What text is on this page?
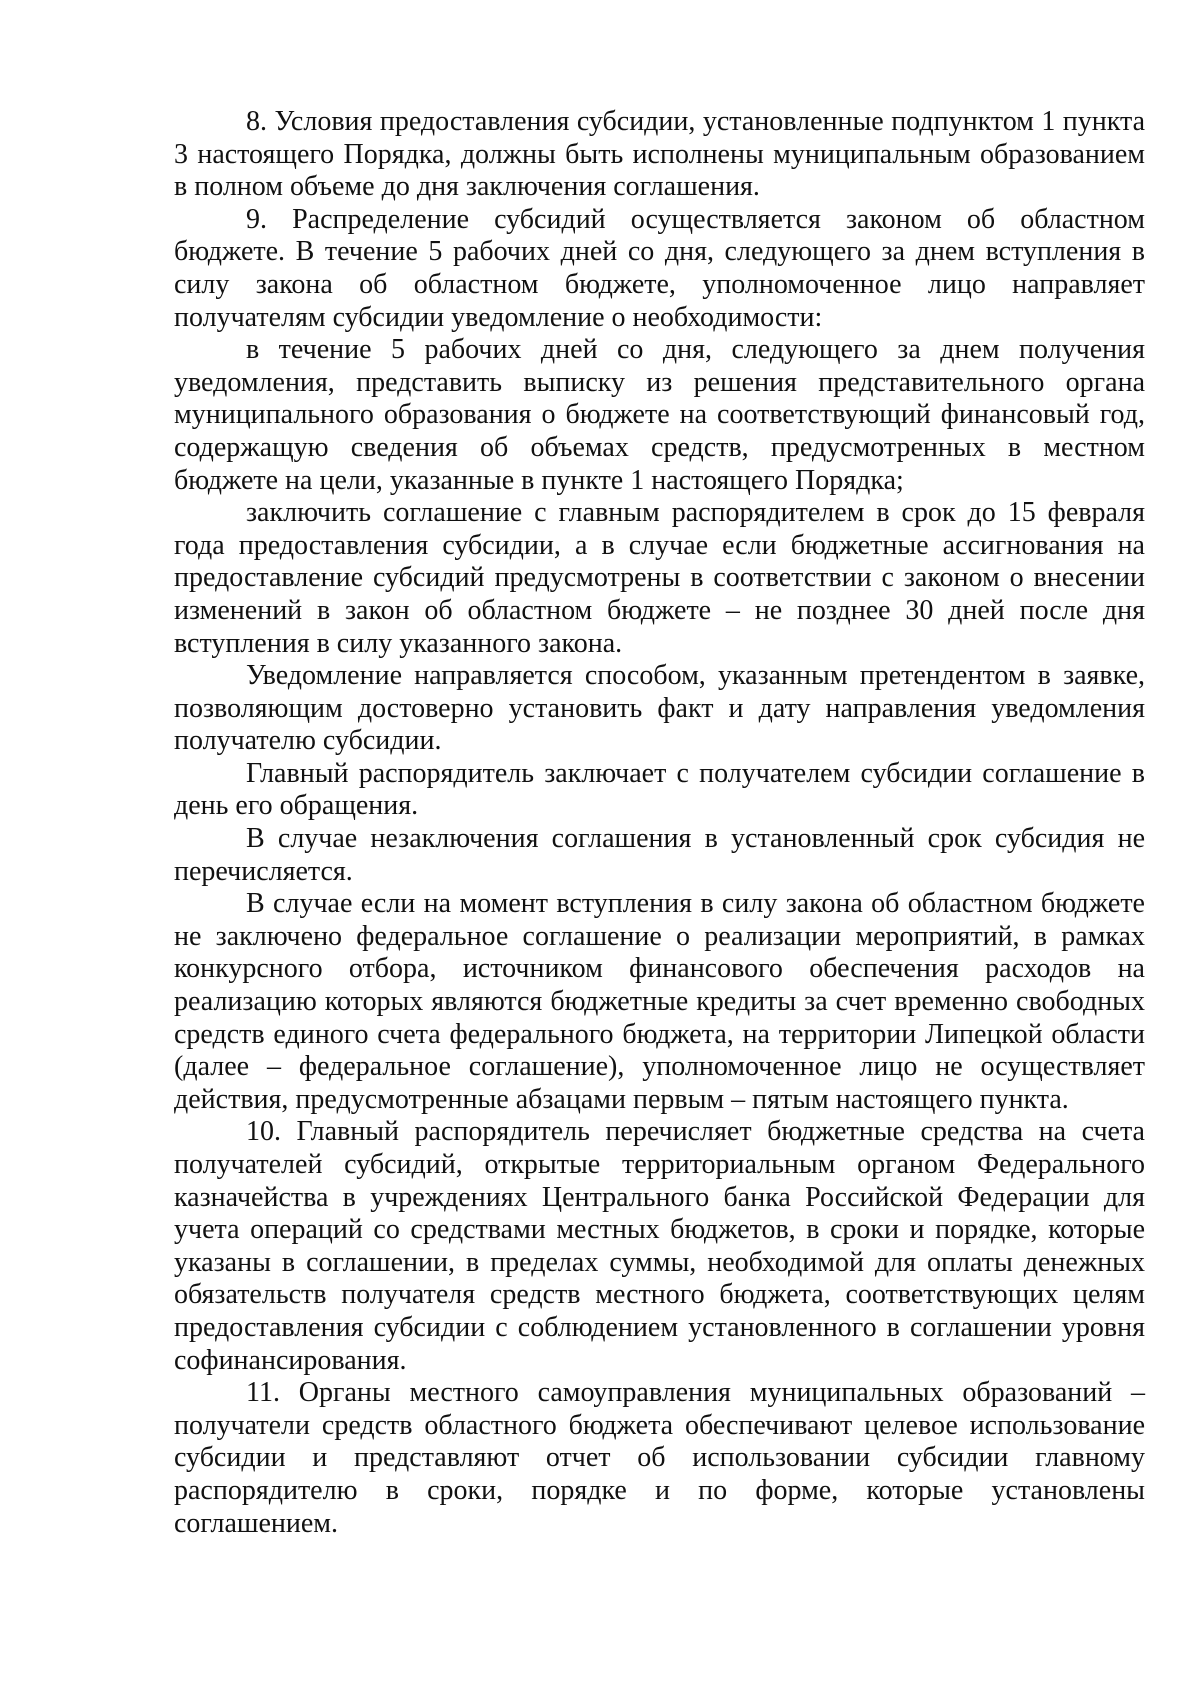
8. Условия предоставления субсидии, установленные подпунктом 1 пункта 3 настоящего Порядка, должны быть исполнены муниципальным образованием в полном объеме до дня заключения соглашения.

9. Распределение субсидий осуществляется законом об областном бюджете. В течение 5 рабочих дней со дня, следующего за днем вступления в силу закона об областном бюджете, уполномоченное лицо направляет получателям субсидии уведомление о необходимости:

в течение 5 рабочих дней со дня, следующего за днем получения уведомления, представить выписку из решения представительного органа муниципального образования о бюджете на соответствующий финансовый год, содержащую сведения об объемах средств, предусмотренных в местном бюджете на цели, указанные в пункте 1 настоящего Порядка;

заключить соглашение с главным распорядителем в срок до 15 февраля года предоставления субсидии, а в случае если бюджетные ассигнования на предоставление субсидий предусмотрены в соответствии с законом о внесении изменений в закон об областном бюджете – не позднее 30 дней после дня вступления в силу указанного закона.

Уведомление направляется способом, указанным претендентом в заявке, позволяющим достоверно установить факт и дату направления уведомления получателю субсидии.

Главный распорядитель заключает с получателем субсидии соглашение в день его обращения.

В случае незаключения соглашения в установленный срок субсидия не перечисляется.

В случае если на момент вступления в силу закона об областном бюджете не заключено федеральное соглашение о реализации мероприятий, в рамках конкурсного отбора, источником финансового обеспечения расходов на реализацию которых являются бюджетные кредиты за счет временно свободных средств единого счета федерального бюджета, на территории Липецкой области (далее – федеральное соглашение), уполномоченное лицо не осуществляет действия, предусмотренные абзацами первым – пятым настоящего пункта.

10. Главный распорядитель перечисляет бюджетные средства на счета получателей субсидий, открытые территориальным органом Федерального казначейства в учреждениях Центрального банка Российской Федерации для учета операций со средствами местных бюджетов, в сроки и порядке, которые указаны в соглашении, в пределах суммы, необходимой для оплаты денежных обязательств получателя средств местного бюджета, соответствующих целям предоставления субсидии с соблюдением установленного в соглашении уровня софинансирования.

11. Органы местного самоуправления муниципальных образований – получатели средств областного бюджета обеспечивают целевое использование субсидии и представляют отчет об использовании субсидии главному распорядителю в сроки, порядке и по форме, которые установлены соглашением.
